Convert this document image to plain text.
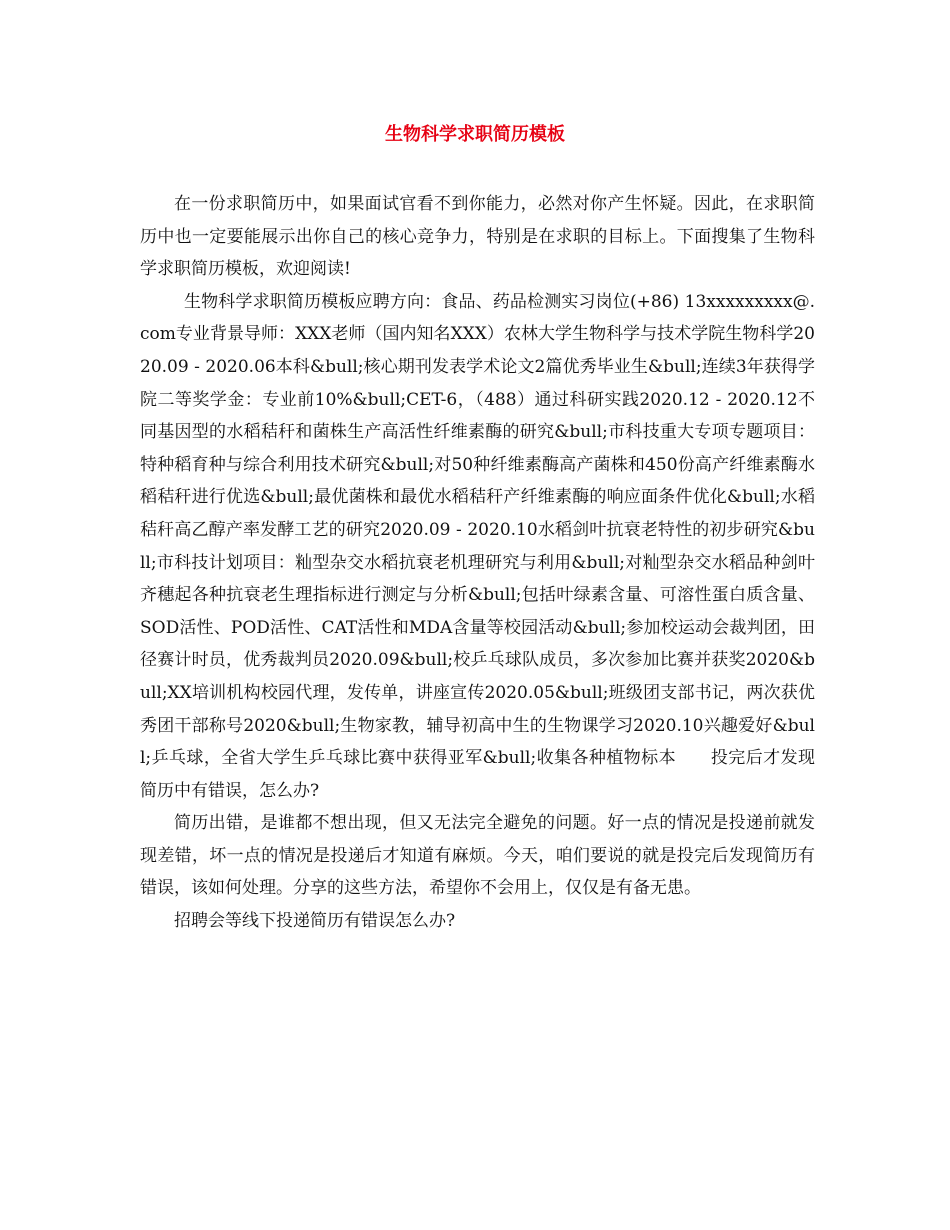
生物科学求职简历模板

在一份求职简历中，如果面试官看不到你能力，必然对你产生怀疑。因此，在求职简历中也一定要能展示出你自己的核心竞争力，特别是在求职的目标上。下面搜集了生物科学求职简历模板，欢迎阅读!

生物科学求职简历模板应聘方向：食品、药品检测实习岗位(+86) 13xxxxxxxxx@.com专业背景导师：XXX老师（国内知名XXX）农林大学生物科学与技术学院生物科学2020.09 - 2020.06本科&bull;核心期刊发表学术论文2篇优秀毕业生&bull;连续3年获得学院二等奖学金：专业前10%&bull;CET-6，（488）通过科研实践2020.12 - 2020.12不同基因型的水稻秸秆和菌株生产高活性纤维素酶的研究&bull;市科技重大专项专题项目：特种稻育种与综合利用技术研究&bull;对50种纤维素酶高产菌株和450份高产纤维素酶水稻秸秆进行优选&bull;最优菌株和最优水稻秸秆产纤维素酶的响应面条件优化&bull;水稻秸秆高乙醇产率发酵工艺的研究2020.09 - 2020.10水稻剑叶抗衰老特性的初步研究&bull;市科技计划项目：籼型杂交水稻抗衰老机理研究与利用&bull;对籼型杂交水稻品种剑叶齐穗起各种抗衰老生理指标进行测定与分析&bull;包括叶绿素含量、可溶性蛋白质含量、SOD活性、POD活性、CAT活性和MDA含量等校园活动&bull;参加校运动会裁判团，田径赛计时员，优秀裁判员2020.09&bull;校乒乓球队成员，多次参加比赛并获奖2020&bull;XX培训机构校园代理，发传单，讲座宣传2020.05&bull;班级团支部书记，两次获优秀团干部称号2020&bull;生物家教，辅导初高中生的生物课学习2020.10兴趣爱好&bull;乒乓球，全省大学生乒乓球比赛中获得亚军&bull;收集各种植物标本　　投完后才发现简历中有错误，怎么办?

简历出错，是谁都不想出现，但又无法完全避免的问题。好一点的情况是投递前就发现差错，坏一点的情况是投递后才知道有麻烦。今天，咱们要说的就是投完后发现简历有错误，该如何处理。分享的这些方法，希望你不会用上，仅仅是有备无患。

招聘会等线下投递简历有错误怎么办?
